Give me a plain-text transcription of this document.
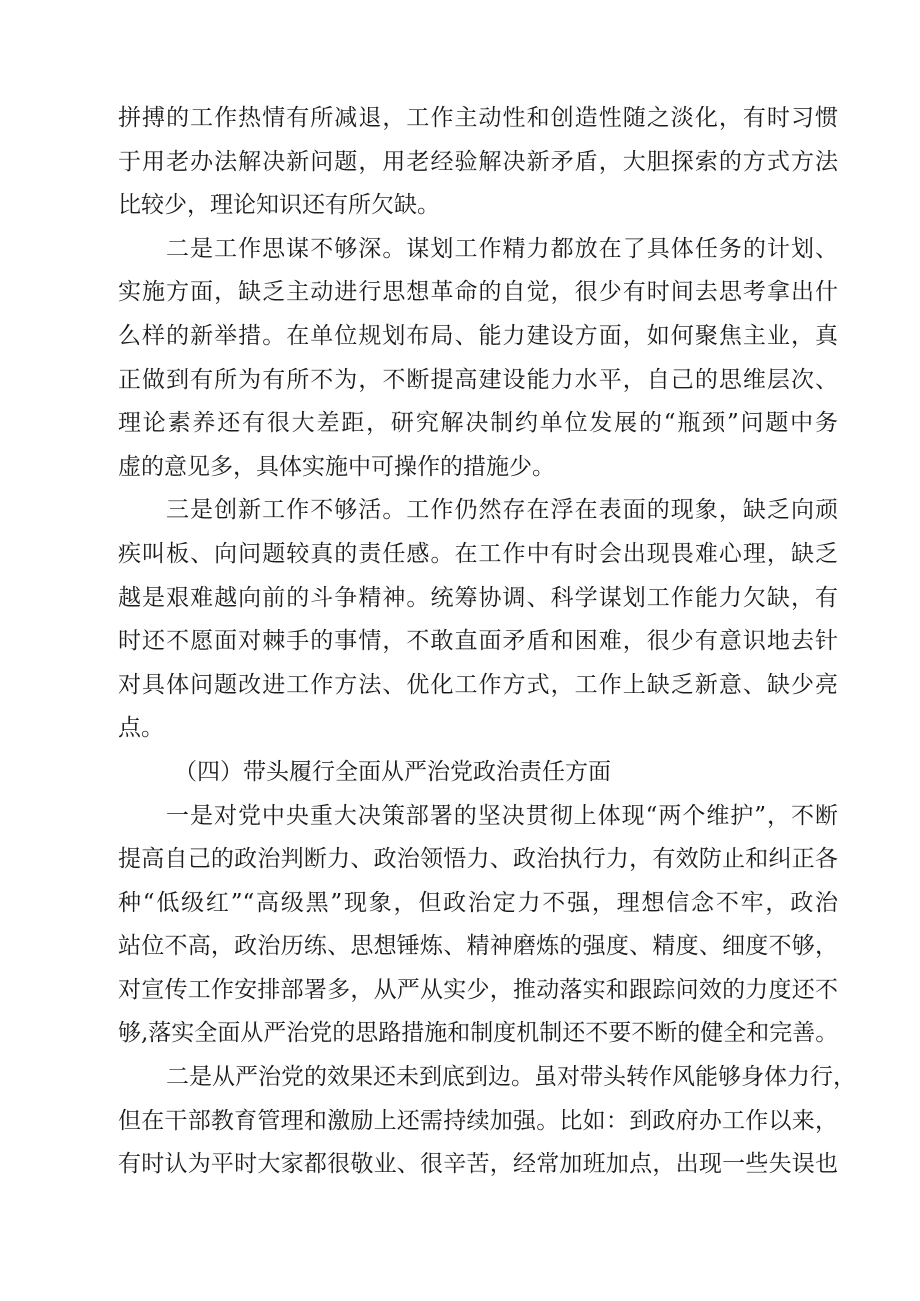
拼搏的工作热情有所减退，工作主动性和创造性随之淡化，有时习惯
于用老办法解决新问题，用老经验解决新矛盾，大胆探索的方式方法
比较少，理论知识还有所欠缺。
二是工作思谋不够深。谋划工作精力都放在了具体任务的计划、
实施方面，缺乏主动进行思想革命的自觉，很少有时间去思考拿出什
么样的新举措。在单位规划布局、能力建设方面，如何聚焦主业，真
正做到有所为有所不为，不断提高建设能力水平，自己的思维层次、
理论素养还有很大差距，研究解决制约单位发展的“瓶颈”问题中务
虚的意见多，具体实施中可操作的措施少。
三是创新工作不够活。工作仍然存在浮在表面的现象，缺乏向顽
疾叫板、向问题较真的责任感。在工作中有时会出现畏难心理，缺乏
越是艰难越向前的斗争精神。统筹协调、科学谋划工作能力欠缺，有
时还不愿面对棘手的事情，不敢直面矛盾和困难，很少有意识地去针
对具体问题改进工作方法、优化工作方式，工作上缺乏新意、缺少亮
点。
（四）带头履行全面从严治党政治责任方面
一是对党中央重大决策部署的坚决贯彻上体现“两个维护”，不断
提高自己的政治判断力、政治领悟力、政治执行力，有效防止和纠正各
种“低级红”“高级黑”现象，但政治定力不强，理想信念不牢，政治
站位不高，政治历练、思想锤炼、精神磨炼的强度、精度、细度不够，
对宣传工作安排部署多，从严从实少，推动落实和跟踪问效的力度还不
够,落实全面从严治党的思路措施和制度机制还不要不断的健全和完善。
二是从严治党的效果还未到底到边。虽对带头转作风能够身体力行，
但在干部教育管理和激励上还需持续加强。比如：到政府办工作以来，
有时认为平时大家都很敬业、很辛苦，经常加班加点，出现一些失误也
